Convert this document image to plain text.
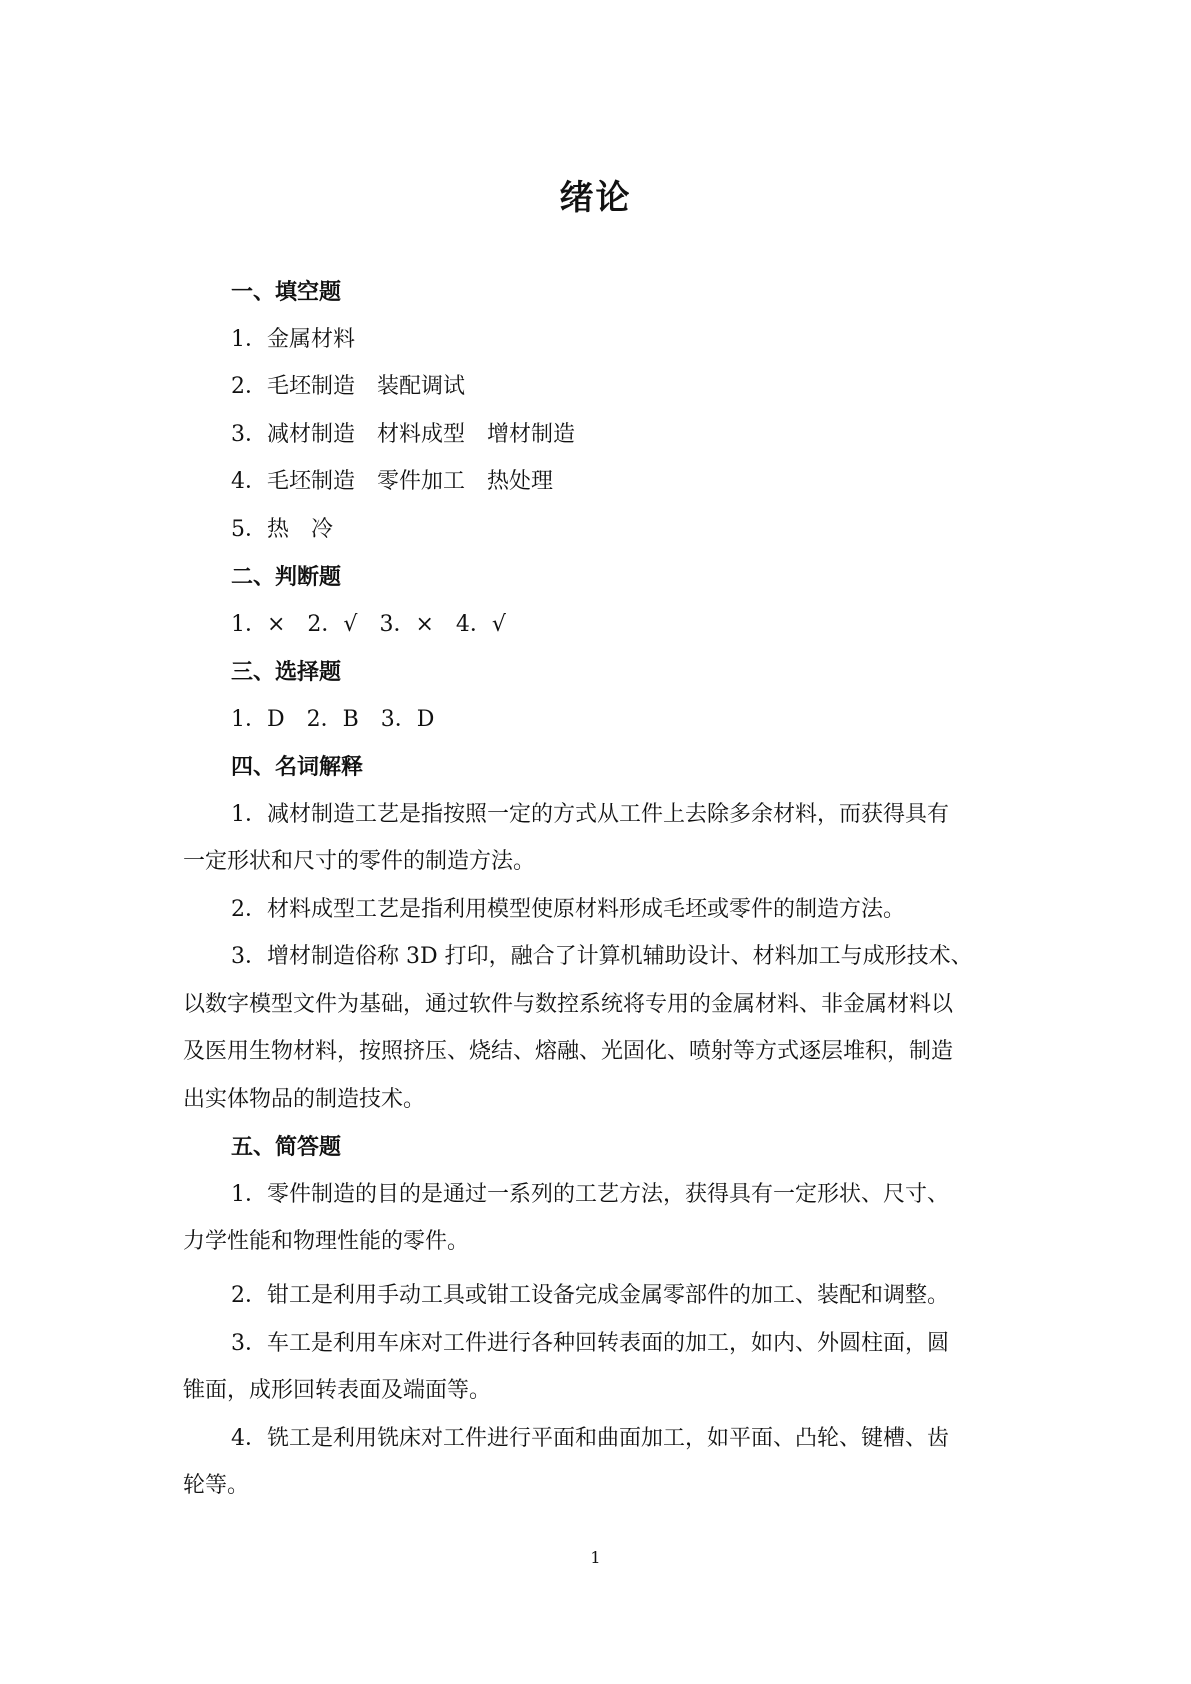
绪论
一、填空题
1．金属材料
2．毛坯制造　装配调试
3．减材制造　材料成型　增材制造
4．毛坯制造　零件加工　热处理
5．热　冷
二、判断题
1．×　2．√　3．×　4．√
三、选择题
1．D　2．B　3．D
四、名词解释
1．减材制造工艺是指按照一定的方式从工件上去除多余材料，而获得具有
一定形状和尺寸的零件的制造方法。
2．材料成型工艺是指利用模型使原材料形成毛坯或零件的制造方法。
3．增材制造俗称 3D 打印，融合了计算机辅助设计、材料加工与成形技术、
以数字模型文件为基础，通过软件与数控系统将专用的金属材料、非金属材料以
及医用生物材料，按照挤压、烧结、熔融、光固化、喷射等方式逐层堆积，制造
出实体物品的制造技术。
五、简答题
1．零件制造的目的是通过一系列的工艺方法，获得具有一定形状、尺寸、
力学性能和物理性能的零件。
2．钳工是利用手动工具或钳工设备完成金属零部件的加工、装配和调整。
3．车工是利用车床对工件进行各种回转表面的加工，如内、外圆柱面，圆
锥面，成形回转表面及端面等。
4．铣工是利用铣床对工件进行平面和曲面加工，如平面、凸轮、键槽、齿
轮等。
1
